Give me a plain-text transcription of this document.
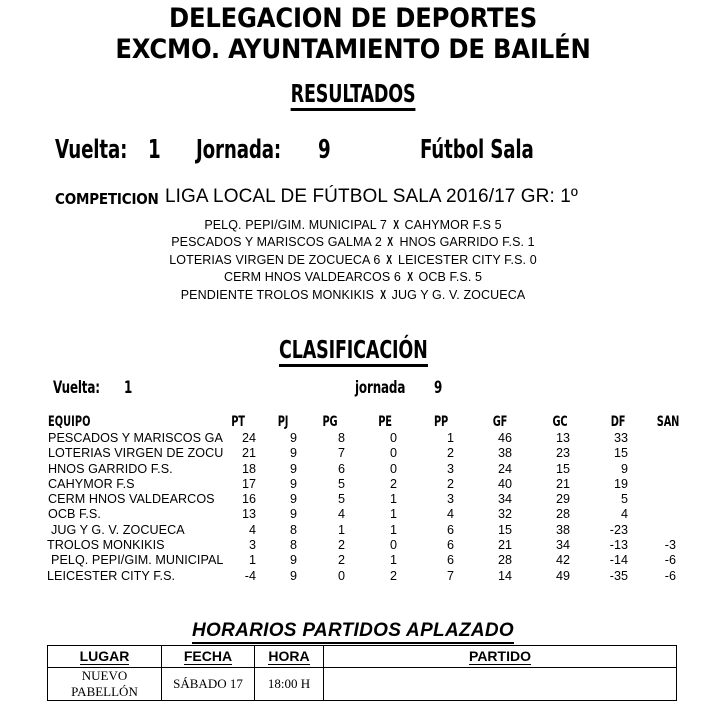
DELEGACION DE DEPORTES
EXCMO. AYUNTAMIENTO DE BAILÉN
RESULTADOS
Vuelta: 1 Jornada: 9	Fútbol Sala
COMPETICION LIGA LOCAL DE FÚTBOL SALA 2016/17 GR: 1º
PELQ. PEPI/GIM. MUNICIPAL 7 X CAHYMOR F.S 5
PESCADOS Y MARISCOS GALMA 2 X HNOS GARRIDO F.S. 1
LOTERIAS VIRGEN DE ZOCUECA 6 X LEICESTER CITY F.S. 0
CERM HNOS VALDEARCOS 6 X OCB F.S. 5
PENDIENTE TROLOS MONKIKIS X JUG Y G. V. ZOCUECA
CLASIFICACIÓN
Vuelta: 1	jornada 9
EQUIPO	PT	PJ	PG	PE	PP	GF	GC	DF	SAN
PESCADOS Y MARISCOS GA	24	9	8	0	1	46	13	33
LOTERIAS VIRGEN DE ZOCU	21	9	7	0	2	38	23	15
HNOS GARRIDO F.S.	18	9	6	0	3	24	15	9
CAHYMOR F.S	17	9	5	2	2	40	21	19
CERM HNOS VALDEARCOS	16	9	5	1	3	34	29	5
OCB F.S.	13	9	4	1	4	32	28	4
JUG Y G. V. ZOCUECA	4	8	1	1	6	15	38	-23
TROLOS MONKIKIS	3	8	2	0	6	21	34	-13	-3
PELQ. PEPI/GIM. MUNICIPAL	1	9	2	1	6	28	42	-14	-6
LEICESTER CITY F.S.	-4	9	0	2	7	14	49	-35	-6
HORARIOS PARTIDOS APLAZADO
LUGAR	FECHA	HORA	PARTIDO
NUEVO PABELLÓN	SÁBADO 17	18:00 H	
